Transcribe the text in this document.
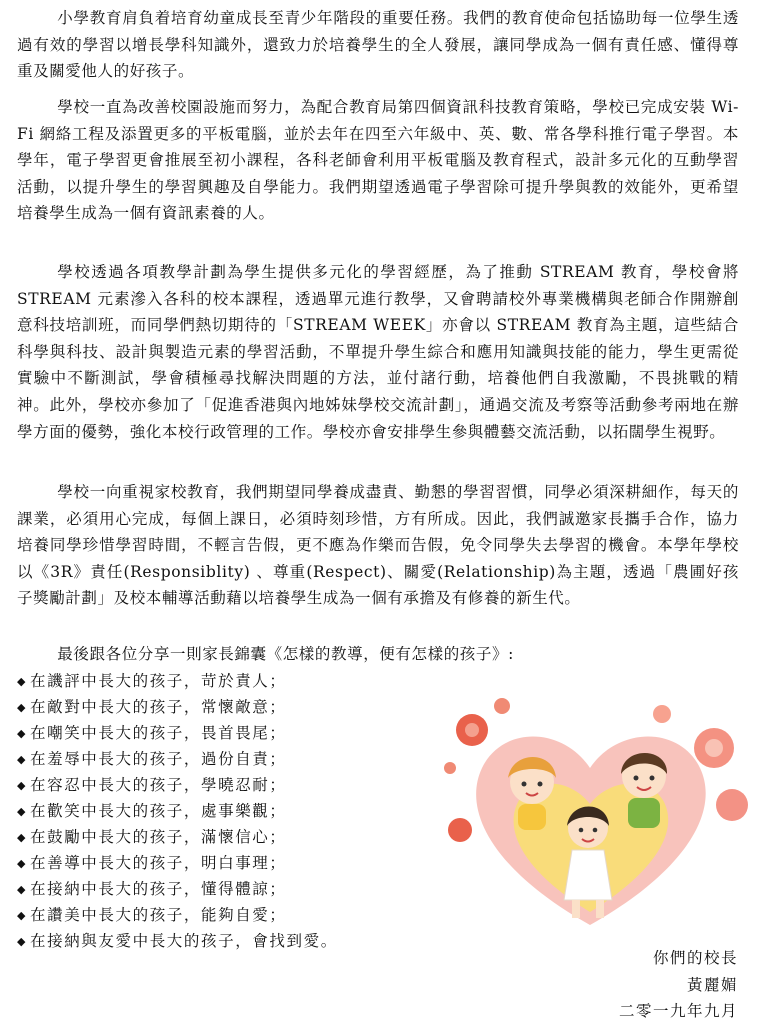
小學教育肩負着培育幼童成長至青少年階段的重要任務。我們的教育使命包括協助每一位學生透過有效的學習以增長學科知識外，還致力於培養學生的全人發展，讓同學成為一個有責任感、懂得尊重及關愛他人的好孩子。

學校一直為改善校園設施而努力，為配合教育局第四個資訊科技教育策略，學校已完成安裝 Wi-Fi 網絡工程及添置更多的平板電腦，並於去年在四至六年級中、英、數、常各學科推行電子學習。本學年，電子學習更會推展至初小課程，各科老師會利用平板電腦及教育程式，設計多元化的互動學習活動，以提升學生的學習興趣及自學能力。我們期望透過電子學習除可提升學與教的效能外，更希望培養學生成為一個有資訊素養的人。

學校透過各項教學計劃為學生提供多元化的學習經歷，為了推動 STREAM 教育，學校會將 STREAM 元素滲入各科的校本課程，透過單元進行教學，又會聘請校外專業機構與老師合作開辦創意科技培訓班，而同學們熱切期待的「STREAM WEEK」亦會以 STREAM 教育為主題，這些結合科學與科技、設計與製造元素的學習活動，不單提升學生綜合和應用知識與技能的能力，學生更需從實驗中不斷測試，學會積極尋找解決問題的方法，並付諸行動，培養他們自我激勵，不畏挑戰的精神。此外，學校亦參加了「促進香港與內地姊妹學校交流計劃」，通過交流及考察等活動參考兩地在辦學方面的優勢，強化本校行政管理的工作。學校亦會安排學生參與體藝交流活動，以拓闊學生視野。

學校一向重視家校教育，我們期望同學養成盡責、勤懇的學習習慣，同學必須深耕細作，每天的課業，必須用心完成，每個上課日，必須時刻珍惜，方有所成。因此，我們誠邀家長攜手合作，協力培養同學珍惜學習時間，不輕言告假，更不應為作樂而告假，免令同學失去學習的機會。本學年學校以《3R》責任(Responsiblity) 、尊重(Respect)、關愛(Relationship)為主題，透過「農圃好孩子獎勵計劃」及校本輔導活動藉以培養學生成為一個有承擔及有修養的新生代。

最後跟各位分享一則家長錦囊《怎樣的教導，便有怎樣的孩子》:

◆ 在譏評中長大的孩子，苛於責人；
◆ 在敵對中長大的孩子，常懷敵意；
◆ 在嘲笑中長大的孩子，畏首畏尾；
◆ 在羞辱中長大的孩子，過份自責；
◆ 在容忍中長大的孩子，學曉忍耐；
◆ 在歡笑中長大的孩子，處事樂觀；
◆ 在鼓勵中長大的孩子，滿懷信心；
◆ 在善導中長大的孩子，明白事理；
◆ 在接納中長大的孩子，懂得體諒；
◆ 在讚美中長大的孩子，能夠自愛；
◆ 在接納與友愛中長大的孩子，會找到愛。
你們的校長
黃麗媚
二零一九年九月
